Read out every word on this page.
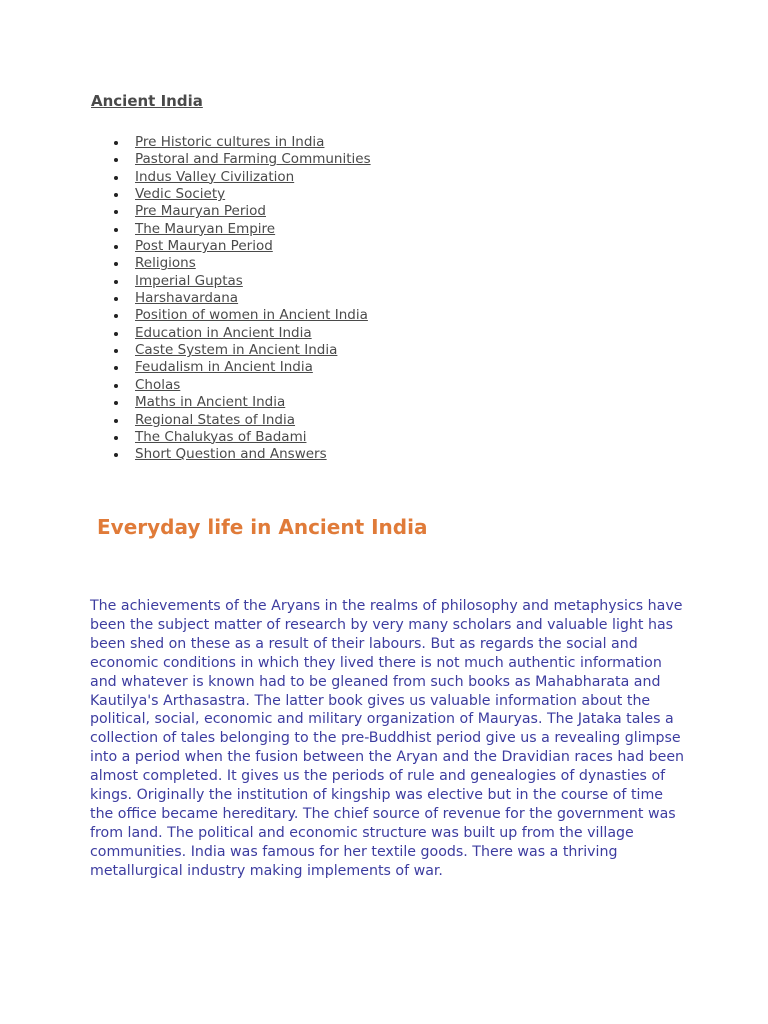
Ancient India
Pre Historic cultures in India
Pastoral and Farming Communities
Indus Valley Civilization
Vedic Society
Pre Mauryan Period
The Mauryan Empire
Post Mauryan Period
Religions
Imperial Guptas
Harshavardana
Position of women in Ancient India
Education in Ancient India
Caste System in Ancient India
Feudalism in Ancient India
Cholas
Maths in Ancient India
Regional States of India
The Chalukyas of Badami
Short Question and Answers
Everyday life in Ancient India

The achievements of the Aryans in the realms of philosophy and metaphysics have been the subject matter of research by very many scholars and valuable light has been shed on these as a result of their labours. But as regards the social and economic conditions in which they lived there is not much authentic information and whatever is known had to be gleaned from such books as Mahabharata and Kautilya's Arthasastra. The latter book gives us valuable information about the political, social, economic and military organization of Mauryas. The Jataka tales a collection of tales belonging to the pre-Buddhist period give us a revealing glimpse into a period when the fusion between the Aryan and the Dravidian races had been almost completed. It gives us the periods of rule and genealogies of dynasties of kings. Originally the institution of kingship was elective but in the course of time the office became hereditary. The chief source of revenue for the government was from land. The political and economic structure was built up from the village communities. India was famous for her textile goods. There was a thriving metallurgical industry making implements of war.
